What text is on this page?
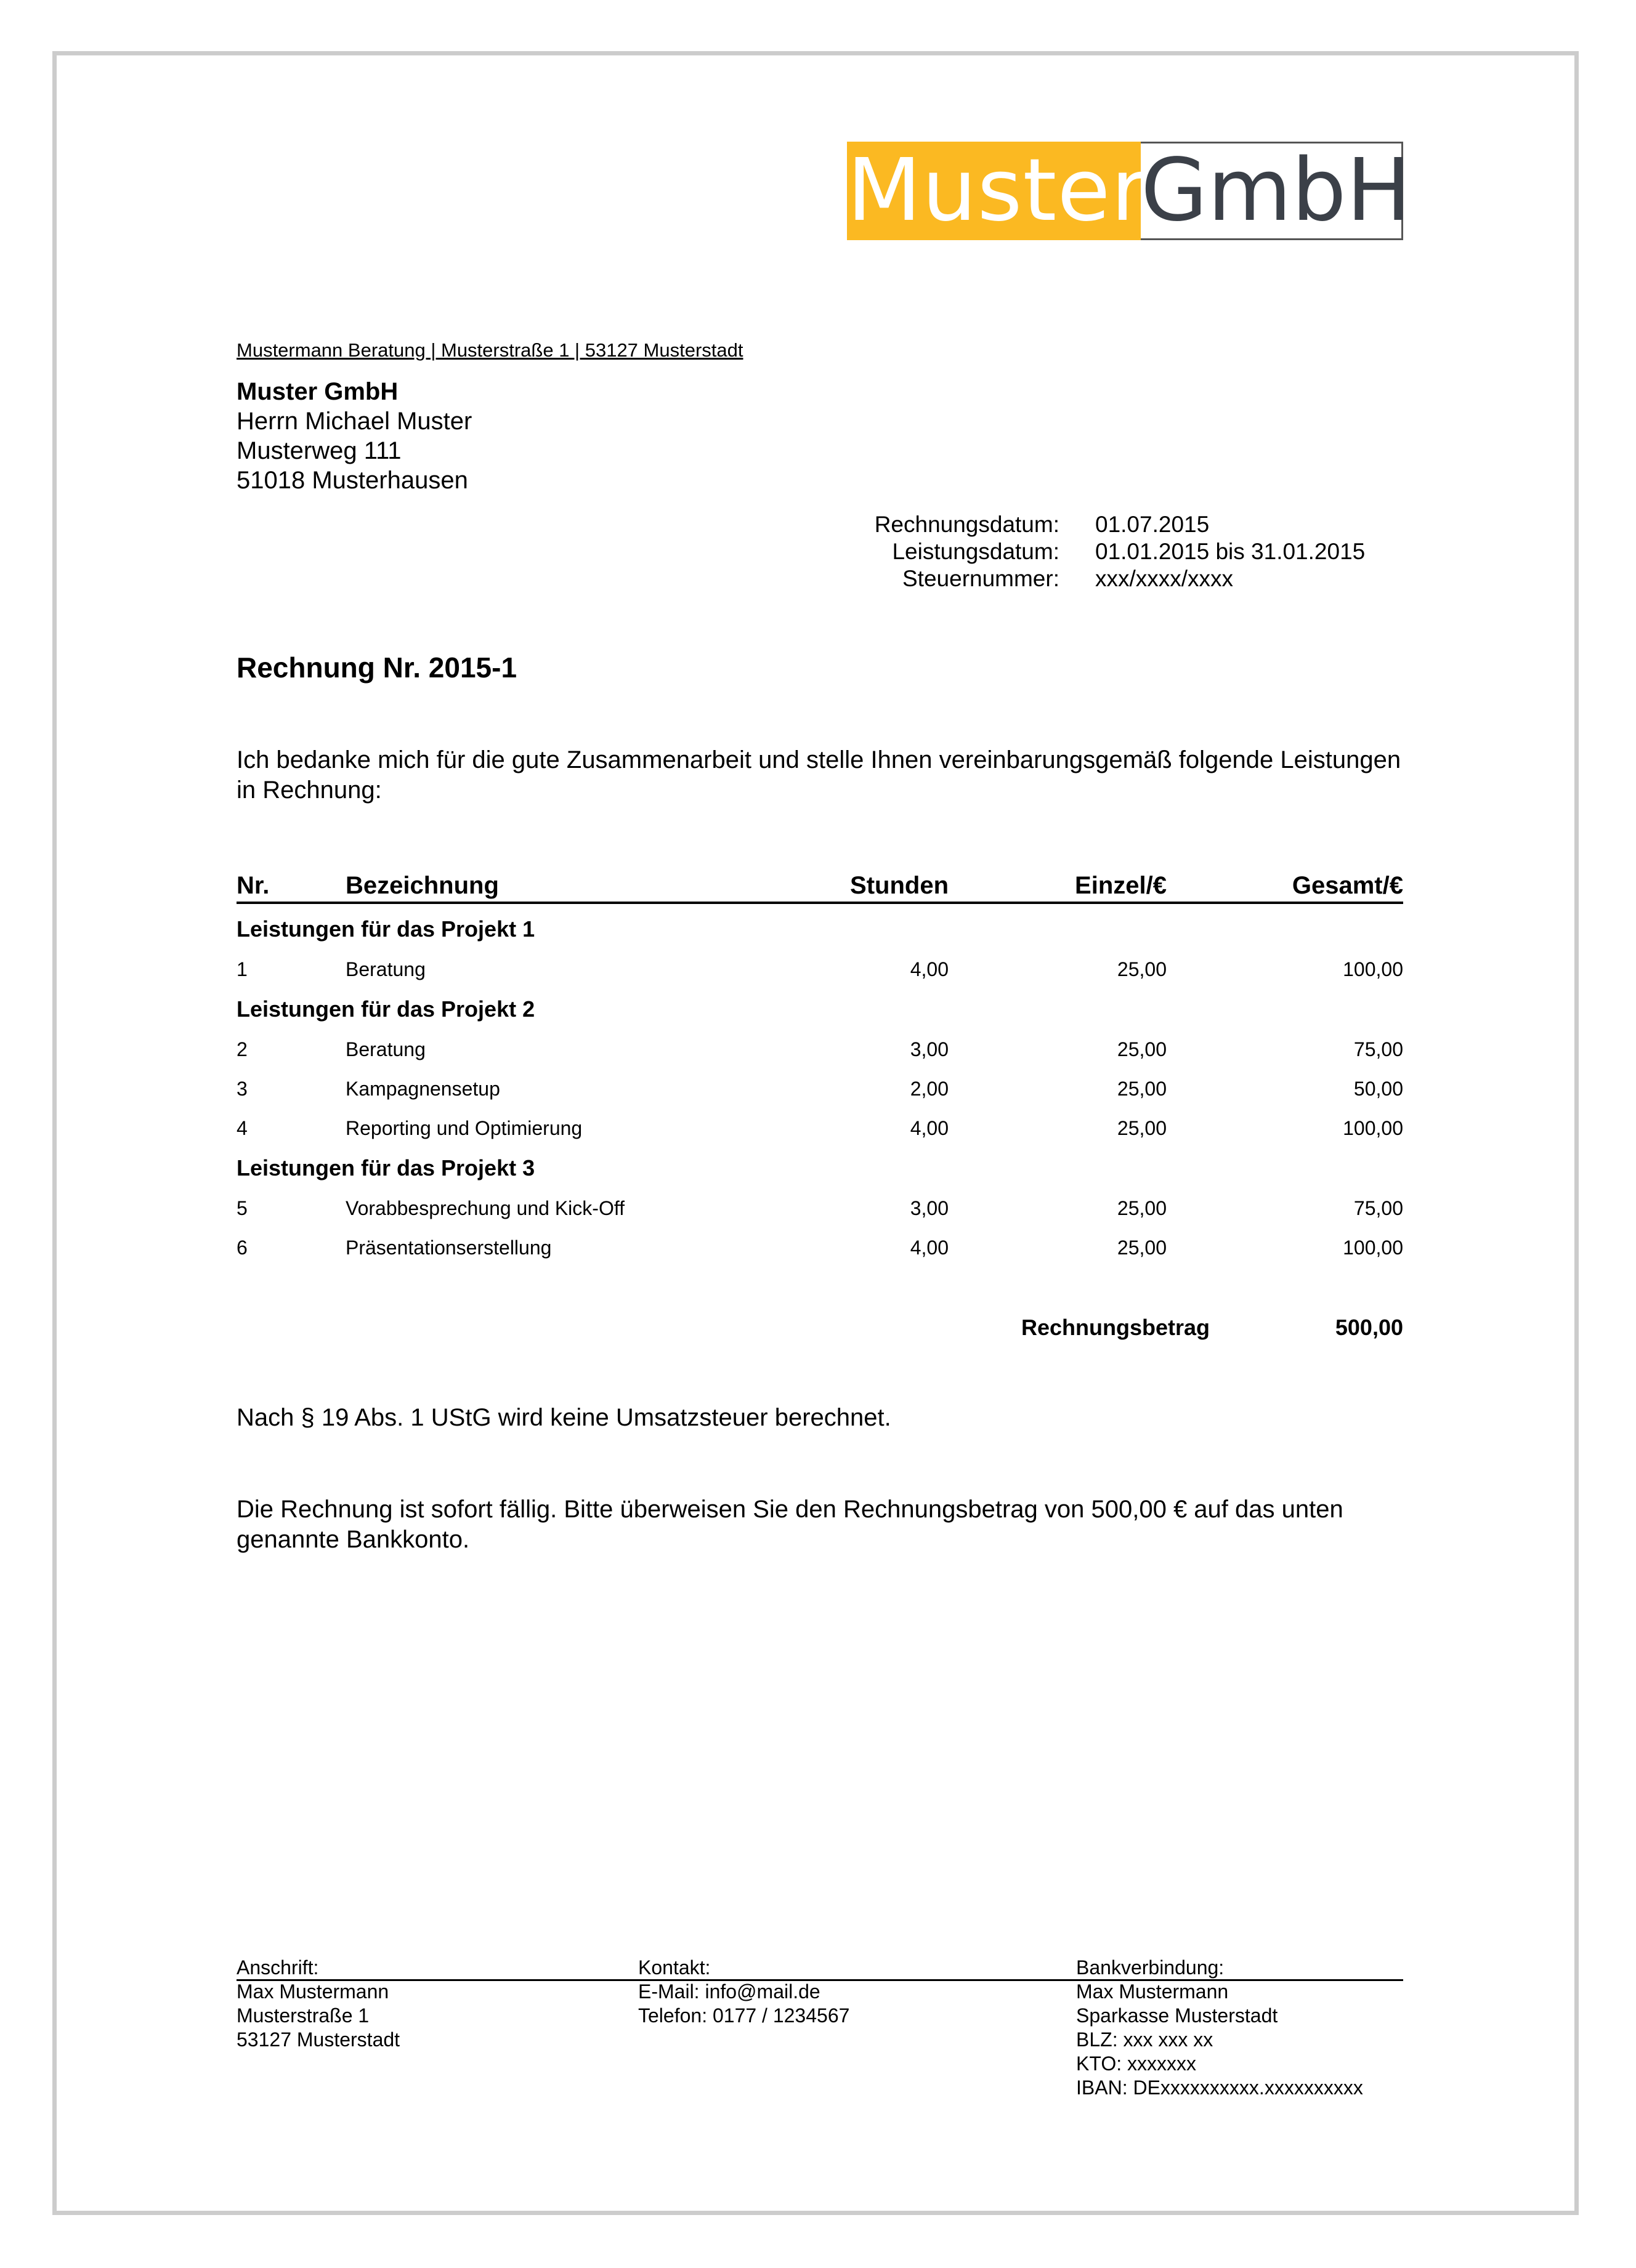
Muster
GmbH
Mustermann Beratung | Musterstraße 1 | 53127 Musterstadt
Muster GmbH
Herrn Michael Muster
Musterweg 111
51018 Musterhausen
Rechnungsdatum: 01.07.2015
Leistungsdatum: 01.01.2015 bis 31.01.2015
Steuernummer: xxx/xxxx/xxxx
Rechnung Nr. 2015-1
Ich bedanke mich für die gute Zusammenarbeit und stelle Ihnen vereinbarungsgemäß folgende Leistungen in Rechnung:
Nr.	Bezeichnung	Stunden	Einzel/€	Gesamt/€
Leistungen für das Projekt 1
1	Beratung	4,00	25,00	100,00
Leistungen für das Projekt 2
2	Beratung	3,00	25,00	75,00
3	Kampagnensetup	2,00	25,00	50,00
4	Reporting und Optimierung	4,00	25,00	100,00
Leistungen für das Projekt 3
5	Vorabbesprechung und Kick-Off	3,00	25,00	75,00
6	Präsentationserstellung	4,00	25,00	100,00
Rechnungsbetrag	500,00
Nach § 19 Abs. 1 UStG wird keine Umsatzsteuer berechnet.
Die Rechnung ist sofort fällig. Bitte überweisen Sie den Rechnungsbetrag von 500,00 € auf das unten genannte Bankkonto.
Anschrift:
Max Mustermann
Musterstraße 1
53127 Musterstadt
Kontakt:
E-Mail: info@mail.de
Telefon: 0177 / 1234567
Bankverbindung:
Max Mustermann
Sparkasse Musterstadt
BLZ: xxx xxx xx
KTO: xxxxxxx
IBAN: DExxxxxxxxxx.xxxxxxxxxx
